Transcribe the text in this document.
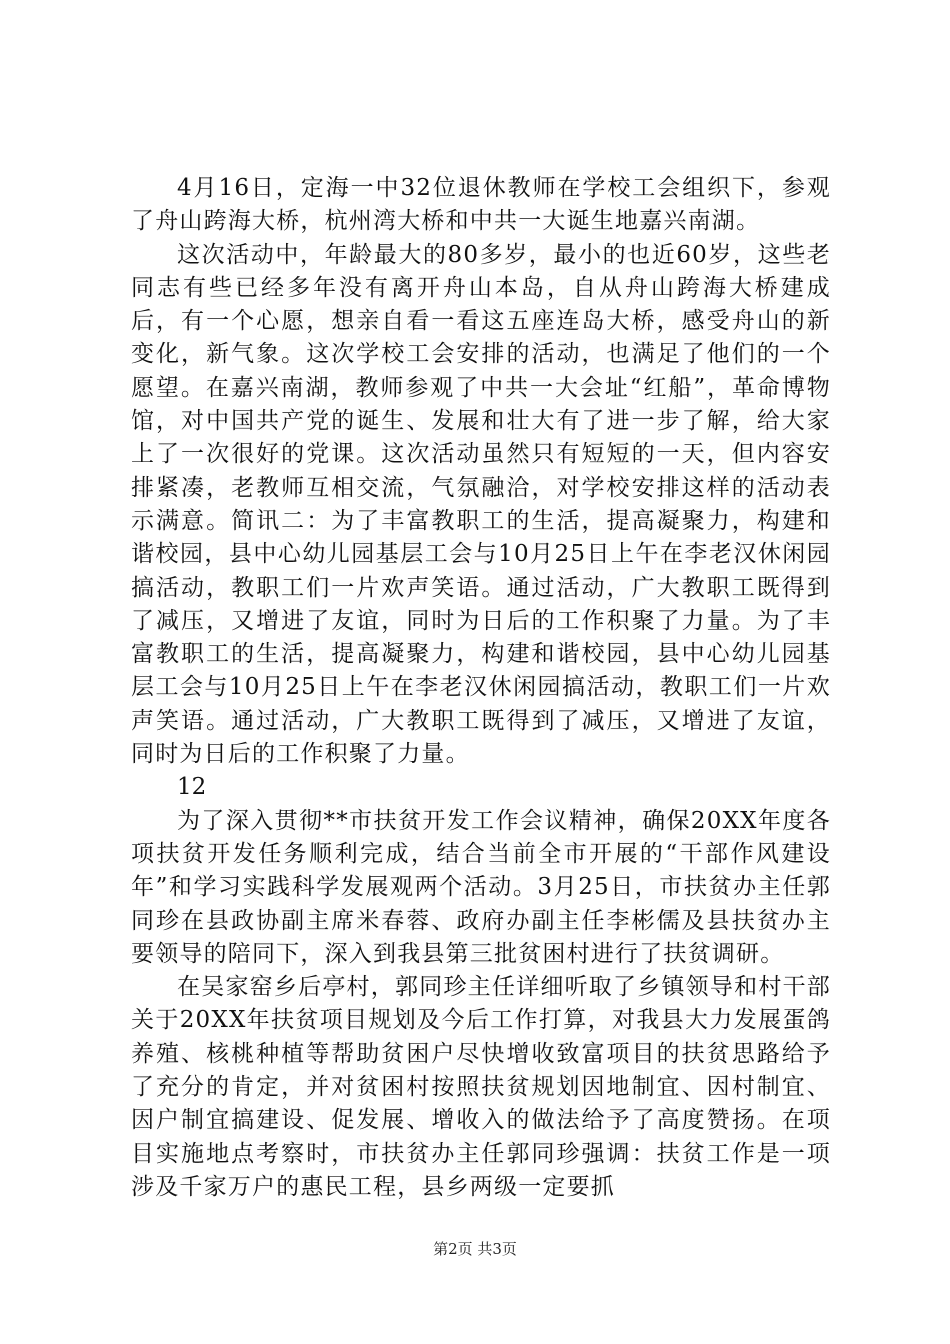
4月16日，定海一中32位退休教师在学校工会组织下，参观了舟山跨海大桥，杭州湾大桥和中共一大诞生地嘉兴南湖。

这次活动中，年龄最大的80多岁，最小的也近60岁，这些老同志有些已经多年没有离开舟山本岛，自从舟山跨海大桥建成后，有一个心愿，想亲自看一看这五座连岛大桥，感受舟山的新变化，新气象。这次学校工会安排的活动，也满足了他们的一个愿望。在嘉兴南湖，教师参观了中共一大会址“红船”，革命博物馆，对中国共产党的诞生、发展和壮大有了进一步了解，给大家上了一次很好的党课。这次活动虽然只有短短的一天，但内容安排紧凑，老教师互相交流，气氛融洽，对学校安排这样的活动表示满意。简讯二：为了丰富教职工的生活，提高凝聚力，构建和谐校园，县中心幼儿园基层工会与10月25日上午在李老汉休闲园搞活动，教职工们一片欢声笑语。通过活动，广大教职工既得到了减压，又增进了友谊，同时为日后的工作积聚了力量。为了丰富教职工的生活，提高凝聚力，构建和谐校园，县中心幼儿园基层工会与10月25日上午在李老汉休闲园搞活动，教职工们一片欢声笑语。通过活动，广大教职工既得到了减压，又增进了友谊，同时为日后的工作积聚了力量。

12

为了深入贯彻**市扶贫开发工作会议精神，确保20XX年度各项扶贫开发任务顺利完成，结合当前全市开展的“干部作风建设年”和学习实践科学发展观两个活动。3月25日，市扶贫办主任郭同珍在县政协副主席米春蓉、政府办副主任李彬儒及县扶贫办主要领导的陪同下，深入到我县第三批贫困村进行了扶贫调研。

在吴家窑乡后亭村，郭同珍主任详细听取了乡镇领导和村干部关于20XX年扶贫项目规划及今后工作打算，对我县大力发展蛋鸽养殖、核桃种植等帮助贫困户尽快增收致富项目的扶贫思路给予了充分的肯定，并对贫困村按照扶贫规划因地制宜、因村制宜、因户制宜搞建设、促发展、增收入的做法给予了高度赞扬。在项目实施地点考察时，市扶贫办主任郭同珍强调：扶贫工作是一项涉及千家万户的惠民工程，县乡两级一定要抓

第2页 共3页
